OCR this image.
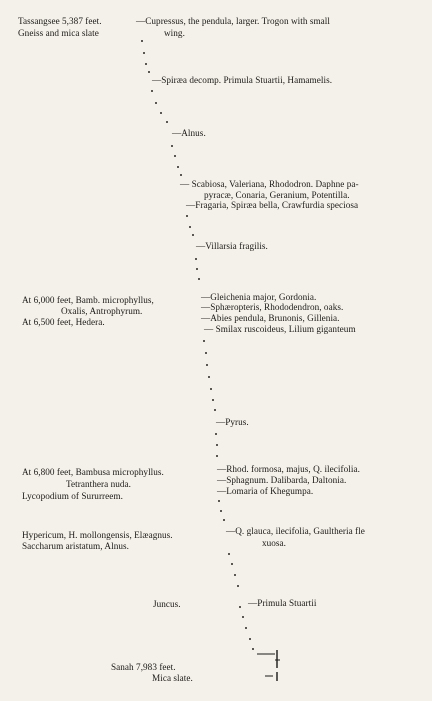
Tassangsee 5,387 feet.
Gneiss and mica slate
At 6,000 feet, Bamb. microphyllus,
Oxalis, Antrophyrum.
At 6,500 feet, Hedera.
At 6,800 feet, Bambusa microphyllus.
Tetranthera nuda.
Lycopodium of Sururreem.
Hypericum, H. mollongensis, Elæagnus.
Saccharum aristatum, Alnus.
Juncus.
Sanah 7,983 feet.
Mica slate.
—Cupressus, the pendula, larger. Trogon with small
wing.
—Spiræa decomp. Primula Stuartii, Hamamelis.
—Alnus.
— Scabiosa, Valeriana, Rhododron. Daphne pa-
pyracæ, Conaria, Geranium, Potentilla.
—Fragaria, Spiræa bella, Crawfurdia speciosa
—Villarsia fragilis.
—Gleichenia major, Gordonia.
—Sphæropteris, Rhododendron, oaks.
—Abies pendula, Brunonis, Gillenia.
— Smilax ruscoideus, Lilium giganteum
—Pyrus.
—Rhod. formosa, majus, Q. ilecifolia.
—Sphagnum. Dalibarda, Daltonia.
—Lomaria of Khegumpa.
—Q. glauca, ilecifolia, Gaultheria fle
xuosa.
—Primula Stuartii
